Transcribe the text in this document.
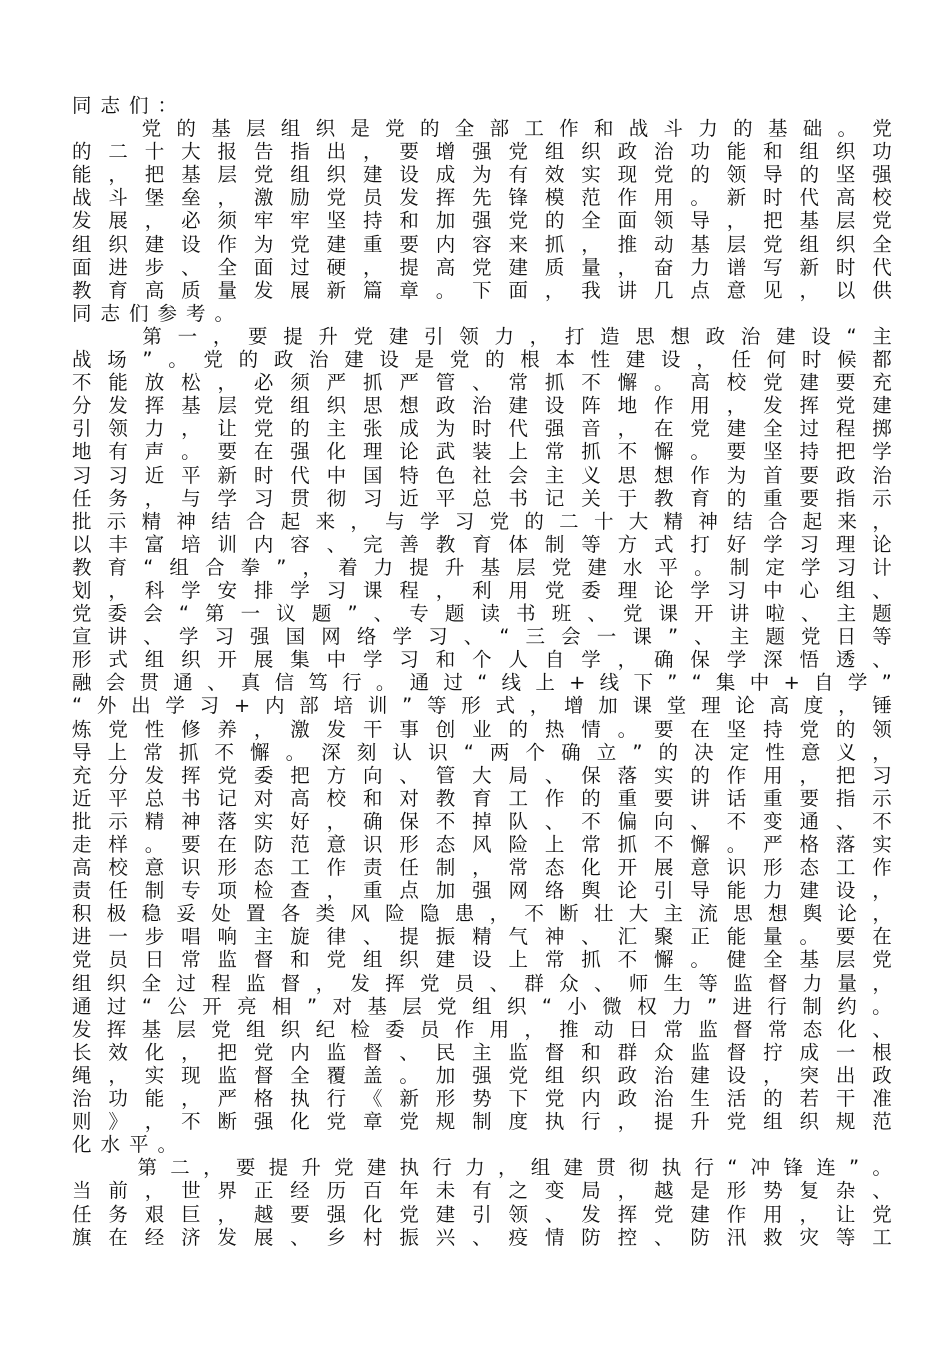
同志们：

党 的 基 层 组 织 是 党 的 全 部 工 作 和 战 斗 力 的 基 础 。 党
的 二 十 大 报 告 指 出 ， 要 增 强 党 组 织 政 治 功 能 和 组 织 功
能 ， 把 基 层 党 组 织 建 设 成 为 有 效 实 现 党 的 领 导 的 坚 强
战 斗 堡 垒 ， 激 励 党 员 发 挥 先 锋 模 范 作 用 。 新 时 代 高 校
发 展 ， 必 须 牢 牢 坚 持 和 加 强 党 的 全 面 领 导 ， 把 基 层 党
组 织 建 设 作 为 党 建 重 要 内 容 来 抓 ， 推 动 基 层 党 组 织 全
面 进 步 、 全 面 过 硬 ， 提 高 党 建 质 量 ， 奋 力 谱 写 新 时 代
教 育 高 质 量 发 展 新 篇 章 。 下 面 ， 我 讲 几 点 意 见 ， 以 供
同志们参考。

第 一 ， 要 提 升 党 建 引 领 力 ， 打 造 思 想 政 治 建 设 “ 主
战 场 ” 。 党 的 政 治 建 设 是 党 的 根 本 性 建 设 ， 任 何 时 候 都
不 能 放 松 ， 必 须 严 抓 严 管 、 常 抓 不 懈 。 高 校 党 建 要 充
分 发 挥 基 层 党 组 织 思 想 政 治 建 设 阵 地 作 用 ， 发 挥 党 建
引 领 力 ， 让 党 的 主 张 成 为 时 代 强 音 ， 在 党 建 全 过 程 掷
地 有 声 。 要 在 强 化 理 论 武 装 上 常 抓 不 懈 。 要 坚 持 把 学
习 习 近 平 新 时 代 中 国 特 色 社 会 主 义 思 想 作 为 首 要 政 治
任 务 ， 与 学 习 贯 彻 习 近 平 总 书 记 关 于 教 育 的 重 要 指 示
批 示 精 神 结 合 起 来 ， 与 学 习 党 的 二 十 大 精 神 结 合 起 来 ，
以 丰 富 培 训 内 容 、 完 善 教 育 体 制 等 方 式 打 好 学 习 理 论
教 育 “ 组 合 拳 ” ， 着 力 提 升 基 层 党 建 水 平 。 制 定 学 习 计
划 ， 科 学 安 排 学 习 课 程 ， 利 用 党 委 理 论 学 习 中 心 组 、
党 委 会 “ 第 一 议 题 ” 、 专 题 读 书 班 、 党 课 开 讲 啦 、 主 题
宣 讲 、 学 习 强 国 网 络 学 习 、 “ 三 会 一 课 ” 、 主 题 党 日 等
形 式 组 织 开 展 集 中 学 习 和 个 人 自 学 ， 确 保 学 深 悟 透 、
融 会 贯 通 、 真 信 笃 行 。 通 过 “ 线 上 + 线 下 ” “ 集 中 + 自 学 ”
“ 外 出 学 习 + 内 部 培 训 ” 等 形 式 ， 增 加 课 堂 理 论 高 度 ， 锤
炼 党 性 修 养 ， 激 发 干 事 创 业 的 热 情 。 要 在 坚 持 党 的 领
导 上 常 抓 不 懈 。 深 刻 认 识 “ 两 个 确 立 ” 的 决 定 性 意 义 ，
充 分 发 挥 党 委 把 方 向 、 管 大 局 、 保 落 实 的 作 用 ， 把 习
近 平 总 书 记 对 高 校 和 对 教 育 工 作 的 重 要 讲 话 重 要 指 示
批 示 精 神 落 实 好 ， 确 保 不 掉 队 、 不 偏 向 、 不 变 通 、 不
走 样 。 要 在 防 范 意 识 形 态 风 险 上 常 抓 不 懈 。 严 格 落 实
高 校 意 识 形 态 工 作 责 任 制 ， 常 态 化 开 展 意 识 形 态 工 作
责 任 制 专 项 检 查 ， 重 点 加 强 网 络 舆 论 引 导 能 力 建 设 ，
积 极 稳 妥 处 置 各 类 风 险 隐 患 ， 不 断 壮 大 主 流 思 想 舆 论 ，
进 一 步 唱 响 主 旋 律 、 提 振 精 气 神 、 汇 聚 正 能 量 。 要 在
党 员 日 常 监 督 和 党 组 织 建 设 上 常 抓 不 懈 。 健 全 基 层 党
组 织 全 过 程 监 督 ， 发 挥 党 员 、 群 众 、 师 生 等 监 督 力 量 ，
通 过 “ 公 开 亮 相 ” 对 基 层 党 组 织 “ 小 微 权 力 ” 进 行 制 约 。
发 挥 基 层 党 组 织 纪 检 委 员 作 用 ， 推 动 日 常 监 督 常 态 化 、
长 效 化 ， 把 党 内 监 督 、 民 主 监 督 和 群 众 监 督 拧 成 一 根
绳 ， 实 现 监 督 全 覆 盖 。 加 强 党 组 织 政 治 建 设 ， 突 出 政
治 功 能 ， 严 格 执 行 《 新 形 势 下 党 内 政 治 生 活 的 若 干 准
则 》 ， 不 断 强 化 党 章 党 规 制 度 执 行 ， 提 升 党 组 织 规 范
化水平。

第 二 ， 要 提 升 党 建 执 行 力 ， 组 建 贯 彻 执 行 “ 冲 锋 连 ” 。
当 前 ， 世 界 正 经 历 百 年 未 有 之 变 局 ， 越 是 形 势 复 杂 、
任 务 艰 巨 ， 越 要 强 化 党 建 引 领 、 发 挥 党 建 作 用 ， 让 党
旗 在 经 济 发 展 、 乡 村 振 兴 、 疫 情 防 控 、 防 汛 救 灾 等 工
